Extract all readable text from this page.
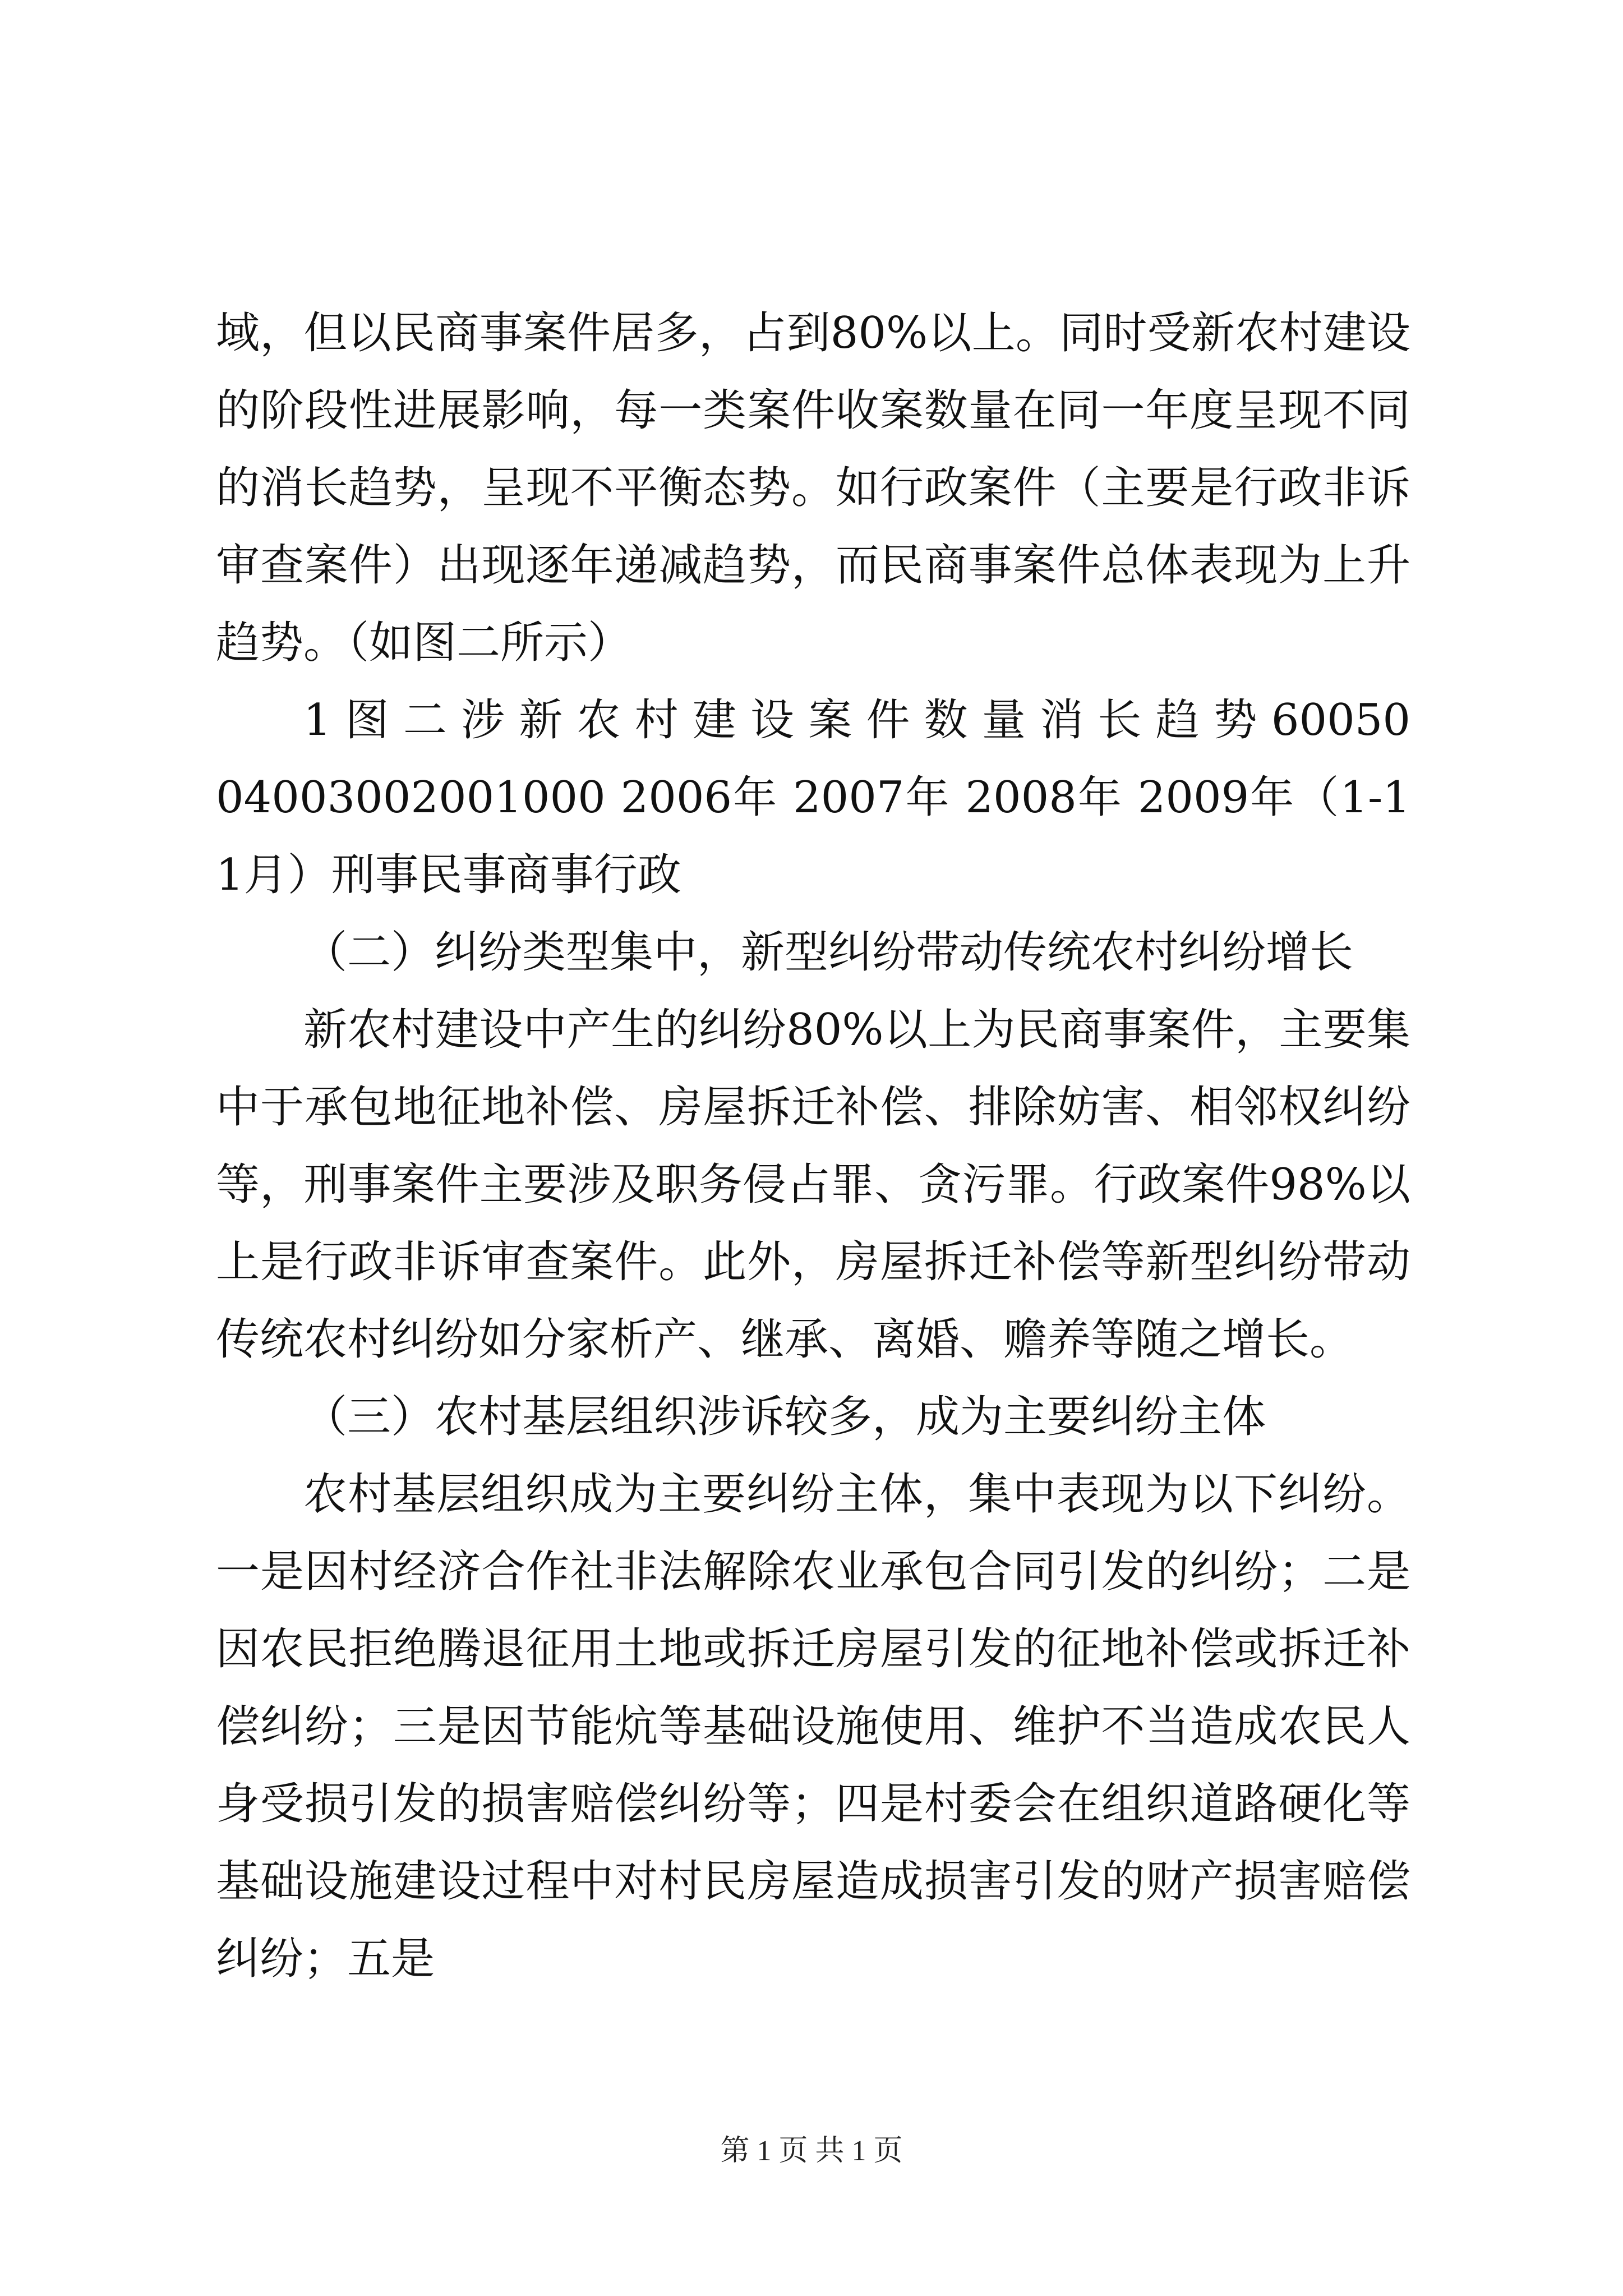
域，但以民商事案件居多，占到80%以上。同时受新农村建设的阶段性进展影响，每一类案件收案数量在同一年度呈现不同的消长趋势，呈现不平衡态势。如行政案件（主要是行政非诉审查案件）出现逐年递减趋势，而民商事案件总体表现为上升趋势。（如图二所示）

1 图 二 涉 新 农 村 建 设 案 件 数 量 消 长 趋 势 6005004003002001000 2006年 2007年 2008年 2009年（1-11月）刑事民事商事行政

（二）纠纷类型集中，新型纠纷带动传统农村纠纷增长

新农村建设中产生的纠纷80%以上为民商事案件，主要集中于承包地征地补偿、房屋拆迁补偿、排除妨害、相邻权纠纷等，刑事案件主要涉及职务侵占罪、贪污罪。行政案件98%以上是行政非诉审查案件。此外，房屋拆迁补偿等新型纠纷带动传统农村纠纷如分家析产、继承、离婚、赡养等随之增长。

（三）农村基层组织涉诉较多，成为主要纠纷主体

农村基层组织成为主要纠纷主体，集中表现为以下纠纷。一是因村经济合作社非法解除农业承包合同引发的纠纷；二是因农民拒绝腾退征用土地或拆迁房屋引发的征地补偿或拆迁补偿纠纷；三是因节能炕等基础设施使用、维护不当造成农民人身受损引发的损害赔偿纠纷等；四是村委会在组织道路硬化等基础设施建设过程中对村民房屋造成损害引发的财产损害赔偿纠纷；五是

第 1 页 共 1 页
